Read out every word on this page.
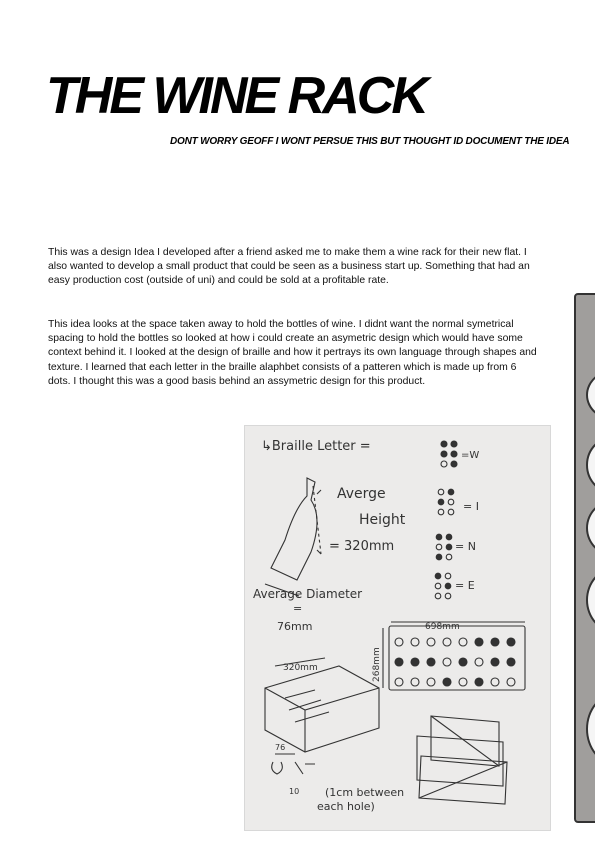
THE WINE RACK
DONT WORRY GEOFF I WONT PERSUE THIS BUT THOUGHT ID DOCUMENT THE IDEA

This was a design Idea I developed after a friend asked me to make them a wine rack for their new flat. I also wanted to develop a small product that could be seen as a business start up. Something that had an easy production cost (outside of uni) and could be sold at a profitable rate.

This idea looks at the space taken away to hold the bottles of wine. I didnt want the normal symetrical spacing to hold the bottles so looked at how i could create an asymetric design which would have some context behind it. I looked at the design of braille and how it pertrays its own language through shapes and texture. I learned that each letter in the braille alaphbet consists of a patteren which is made up from 6 dots. I thought this was a good basis behind an assymetric design for this product.

↳Braille Letter =
=W
= I
= N
= E
Averge
Height
= 320mm
Average Diameter
=
76mm	698mm
268mm
320mm
76
10 (1cm between
each hole)
